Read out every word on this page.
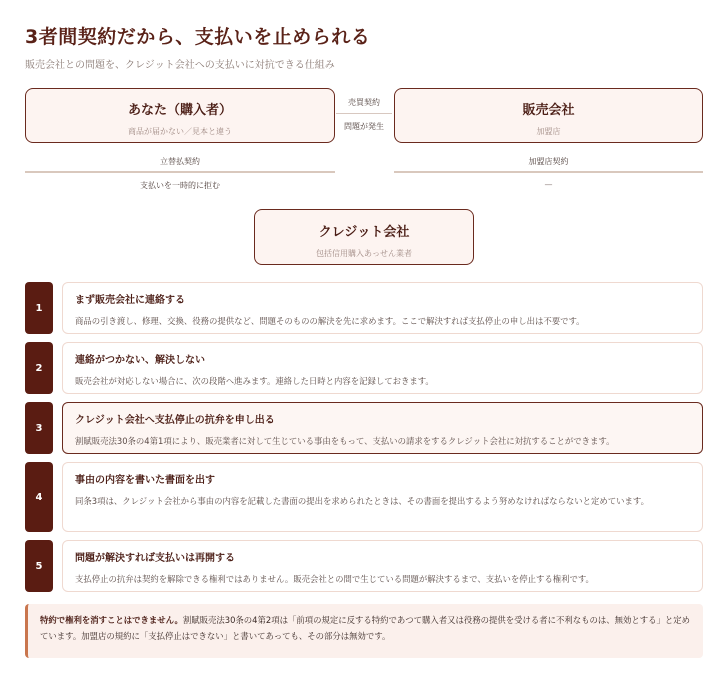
3者間契約だから、支払いを止められる
販売会社との問題を、クレジット会社への支払いに対抗できる仕組み
あなた（購入者）
商品が届かない／見本と違う
売買契約
問題が発生
販売会社
加盟店
立替払契約
支払いを一時的に拒む
加盟店契約
—
クレジット会社
包括信用購入あっせん業者
1
まず販売会社に連絡する
商品の引き渡し、修理、交換、役務の提供など、問題そのものの解決を先に求めます。ここで解決すれば支払停止の申し出は不要です。
2
連絡がつかない、解決しない
販売会社が対応しない場合に、次の段階へ進みます。連絡した日時と内容を記録しておきます。
3
クレジット会社へ支払停止の抗弁を申し出る
割賦販売法30条の4第1項により、販売業者に対して生じている事由をもって、支払いの請求をするクレジット会社に対抗することができます。
4
事由の内容を書いた書面を出す
同条3項は、クレジット会社から事由の内容を記載した書面の提出を求められたときは、その書面を提出するよう努めなければならないと定めています。
5
問題が解決すれば支払いは再開する
支払停止の抗弁は契約を解除できる権利ではありません。販売会社との間で生じている問題が解決するまで、支払いを停止する権利です。
特約で権利を消すことはできません。割賦販売法30条の4第2項は「前項の規定に反する特約であつて購入者又は役務の提供を受ける者に不利なものは、無効とする」と定めています。加盟店の規約に「支払停止はできない」と書いてあっても、その部分は無効です。
